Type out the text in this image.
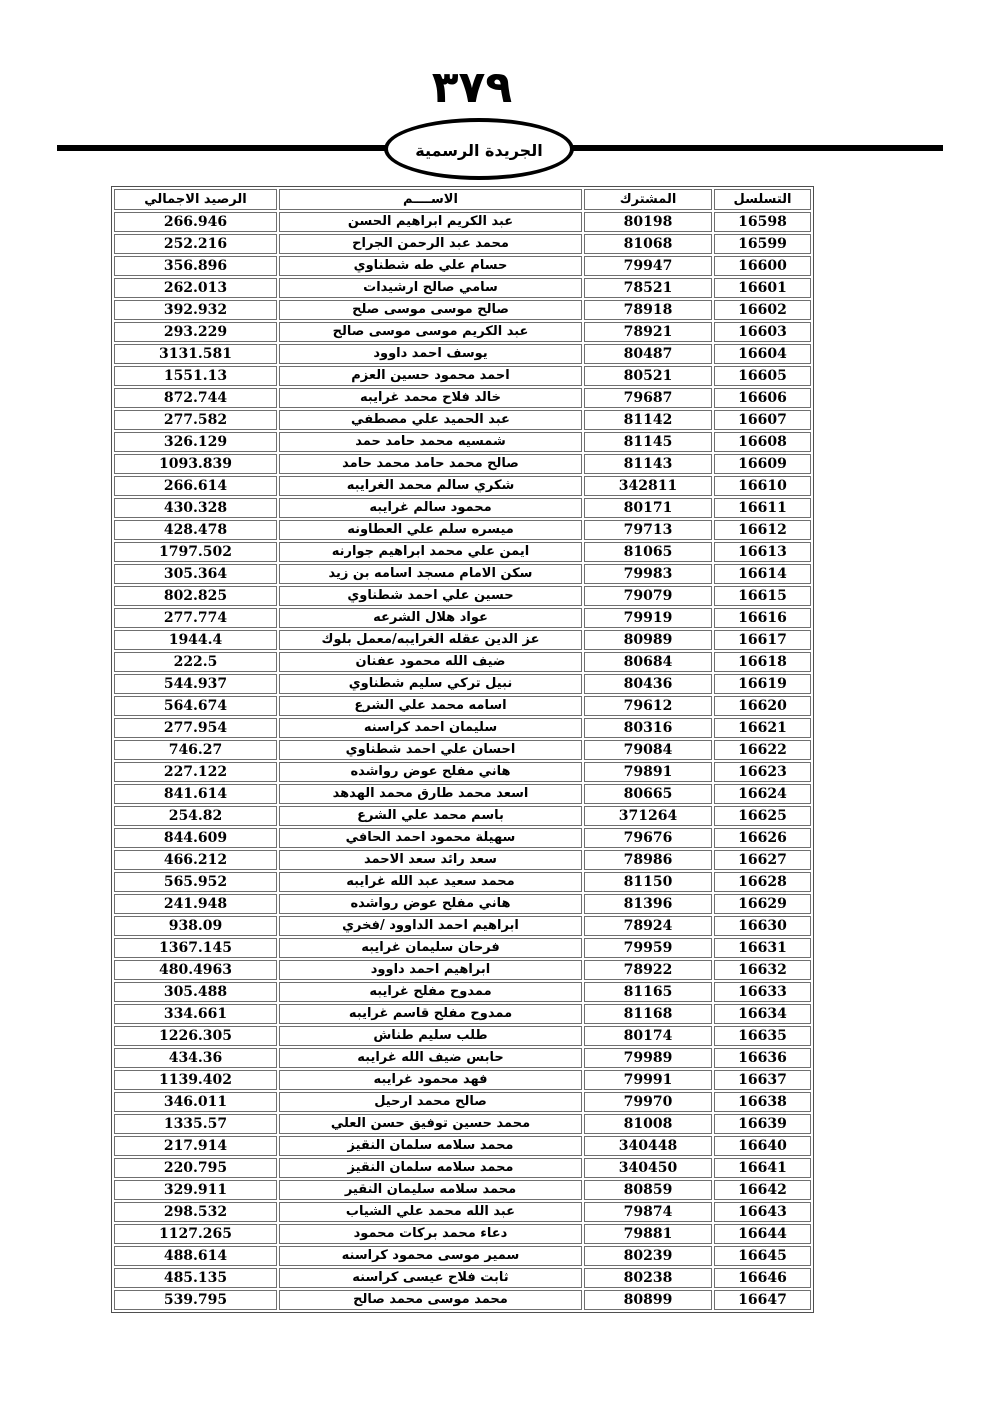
٣٧٩
الجريدة الرسمية
التسلسل	المشترك	الاســــم	الرصيد الاجمالي
16598	80198	عبد الكريم ابراهيم الحسن	266.946
16599	81068	محمد عبد الرحمن الجراح	252.216
16600	79947	حسام علي طه شطناوي	356.896
16601	78521	سامي صالح ارشيدات	262.013
16602	78918	صالح موسى موسى صلح	392.932
16603	78921	عبد الكريم موسى موسى صالح	293.229
16604	80487	يوسف احمد داوود	3131.581
16605	80521	احمد محمود حسين العزم	1551.13
16606	79687	خالد فلاح محمد غرايبه	872.744
16607	81142	عبد الحميد علي مصطفي	277.582
16608	81145	شمسيه محمد حامد حمد	326.129
16609	81143	صالح محمد حامد محمد حامد	1093.839
16610	342811	شكري سالم محمد الغرايبه	266.614
16611	80171	محمود سالم غرايبه	430.328
16612	79713	ميسره سلم علي العطاونه	428.478
16613	81065	ايمن علي محمد ابراهيم جوارنه	1797.502
16614	79983	سكن الامام مسجد اسامه بن زيد	305.364
16615	79079	حسين علي احمد شطناوي	802.825
16616	79919	عواد هلال الشرعه	277.774
16617	80989	عز الدين عقله الغرايبه/معمل بلوك	1944.4
16618	80684	ضيف الله محمود عفنان	222.5
16619	80436	نبيل تركي سليم شطناوي	544.937
16620	79612	اسامه محمد علي الشرع	564.674
16621	80316	سليمان احمد كراسنه	277.954
16622	79084	احسان علي احمد شطناوي	746.27
16623	79891	هاني مفلح عوض رواشده	227.122
16624	80665	اسعد محمد طارق محمد الهدهد	841.614
16625	371264	باسم محمد علي الشرع	254.82
16626	79676	سهيلة محمود احمد الحافي	844.609
16627	78986	سعد رائد سعد الاحمد	466.212
16628	81150	محمد سعيد عبد الله غرايبه	565.952
16629	81396	هاني مفلح عوض رواشده	241.948
16630	78924	ابراهيم احمد الداوود /فخري	938.09
16631	79959	فرحان سليمان غرايبه	1367.145
16632	78922	ابراهيم احمد داوود	480.4963
16633	81165	ممدوح مفلح غرايبه	305.488
16634	81168	ممدوح مفلح قاسم غرايبه	334.661
16635	80174	طلب سليم طناش	1226.305
16636	79989	حابس ضيف الله غرايبه	434.36
16637	79991	فهد محمود غرايبه	1139.402
16638	79970	صالح محمد ارحيل	346.011
16639	81008	محمد حسين توفيق حسن العلي	1335.57
16640	340448	محمد سلامه سلمان النقيز	217.914
16641	340450	محمد سلامه سلمان النقيز	220.795
16642	80859	محمد سلامه سليمان النقير	329.911
16643	79874	عبد الله محمد علي الشياب	298.532
16644	79881	دعاء محمد بركات محمود	1127.265
16645	80239	سمير موسى محمود كراسنه	488.614
16646	80238	ثابت فلاح عيسى كراسنه	485.135
16647	80899	محمد موسى محمد صالح	539.795
